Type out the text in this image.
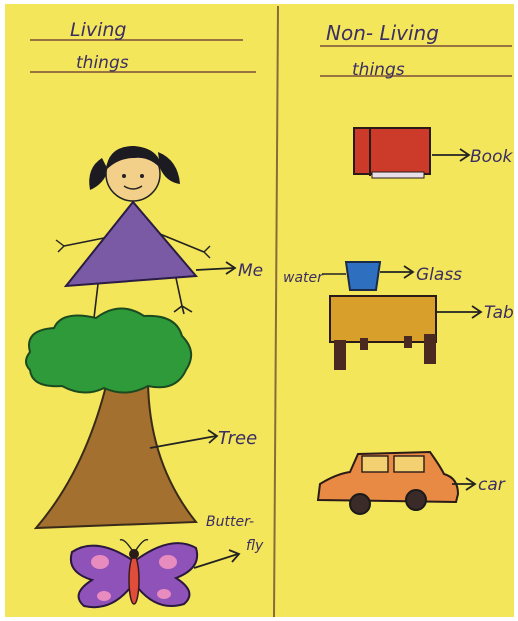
Living
things
Non- Living
things
Me
Tree
Butter-
fly
Book
water	Glass
Tab
car
